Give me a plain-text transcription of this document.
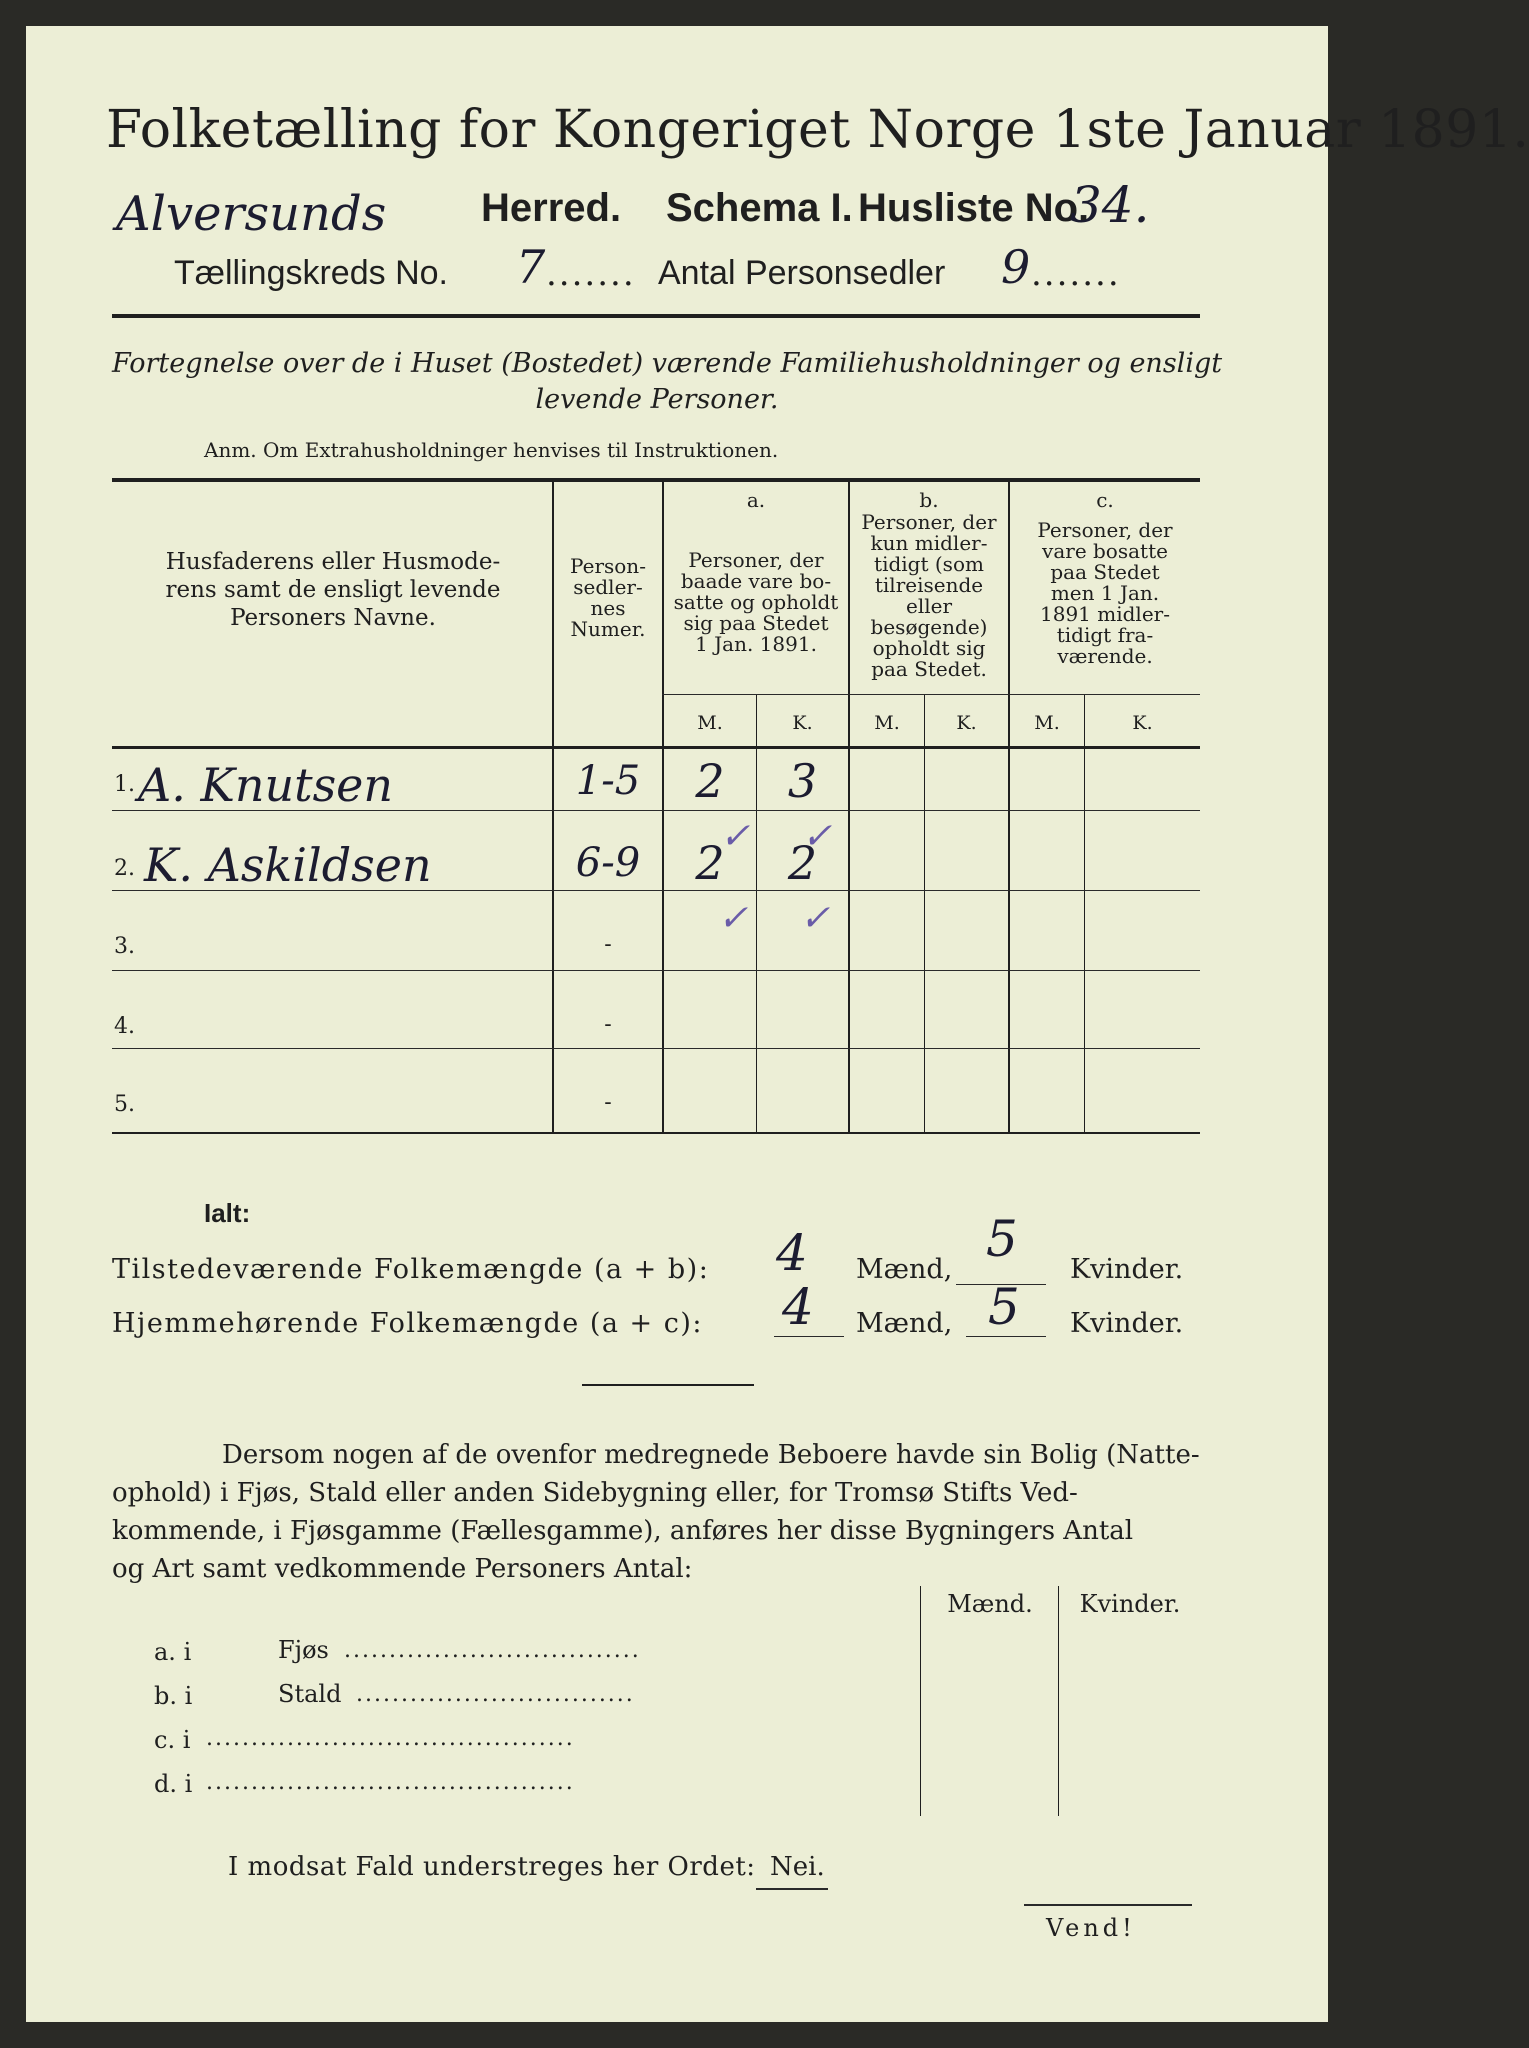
Folketælling for Kongeriget Norge 1ste Januar 1891.
Alversunds Herred. Schema I. Husliste No.
34.
Tællingskreds No. 7 ....... Antal Personsedler 9 .......
Fortegnelse over de i Huset (Bostedet) værende Familiehusholdninger og ensligt
levende Personer.
Anm. Om Extrahusholdninger henvises til Instruktionen.
Husfaderens eller Husmode-
rens samt de ensligt levende
Personers Navne.
Person-
sedler-
nes
Numer.
a.
Personer, der
baade vare bo-
satte og opholdt
sig paa Stedet
1 Jan. 1891.
b.
Personer, der
kun midler-
tidigt (som
tilreisende
eller
besøgende)
opholdt sig
paa Stedet.
c.
Personer, der
vare bosatte
paa Stedet
men 1 Jan.
1891 midler-
tidigt fra-
værende.
M.	K.	M.	K.	M.	K.
1. A. Knutsen	1-5	2	3
2. K. Askildsen	6-9	2	2
✓ ✓
✓ ✓
3.	-
4.	-
5.	-
Ialt:
Tilstedeværende Folkemængde (a + b): 4 Mænd,
5
Kvinder.
Hjemmehørende Folkemængde (a + c): 4 Mænd, 5 Kvinder.
Dersom nogen af de ovenfor medregnede Beboere havde sin Bolig (Natte-
ophold) i Fjøs, Stald eller anden Sidebygning eller, for Tromsø Stifts Ved-
kommende, i Fjøsgamme (Fællesgamme), anføres her disse Bygningers Antal
og Art samt vedkommende Personers Antal:
Mænd.	Kvinder.
a. i	Fjøs .................................
b. i	Stald ...............................
c. i .........................................
d. i .........................................
I modsat Fald understreges her Ordet: Nei.
Vend!
